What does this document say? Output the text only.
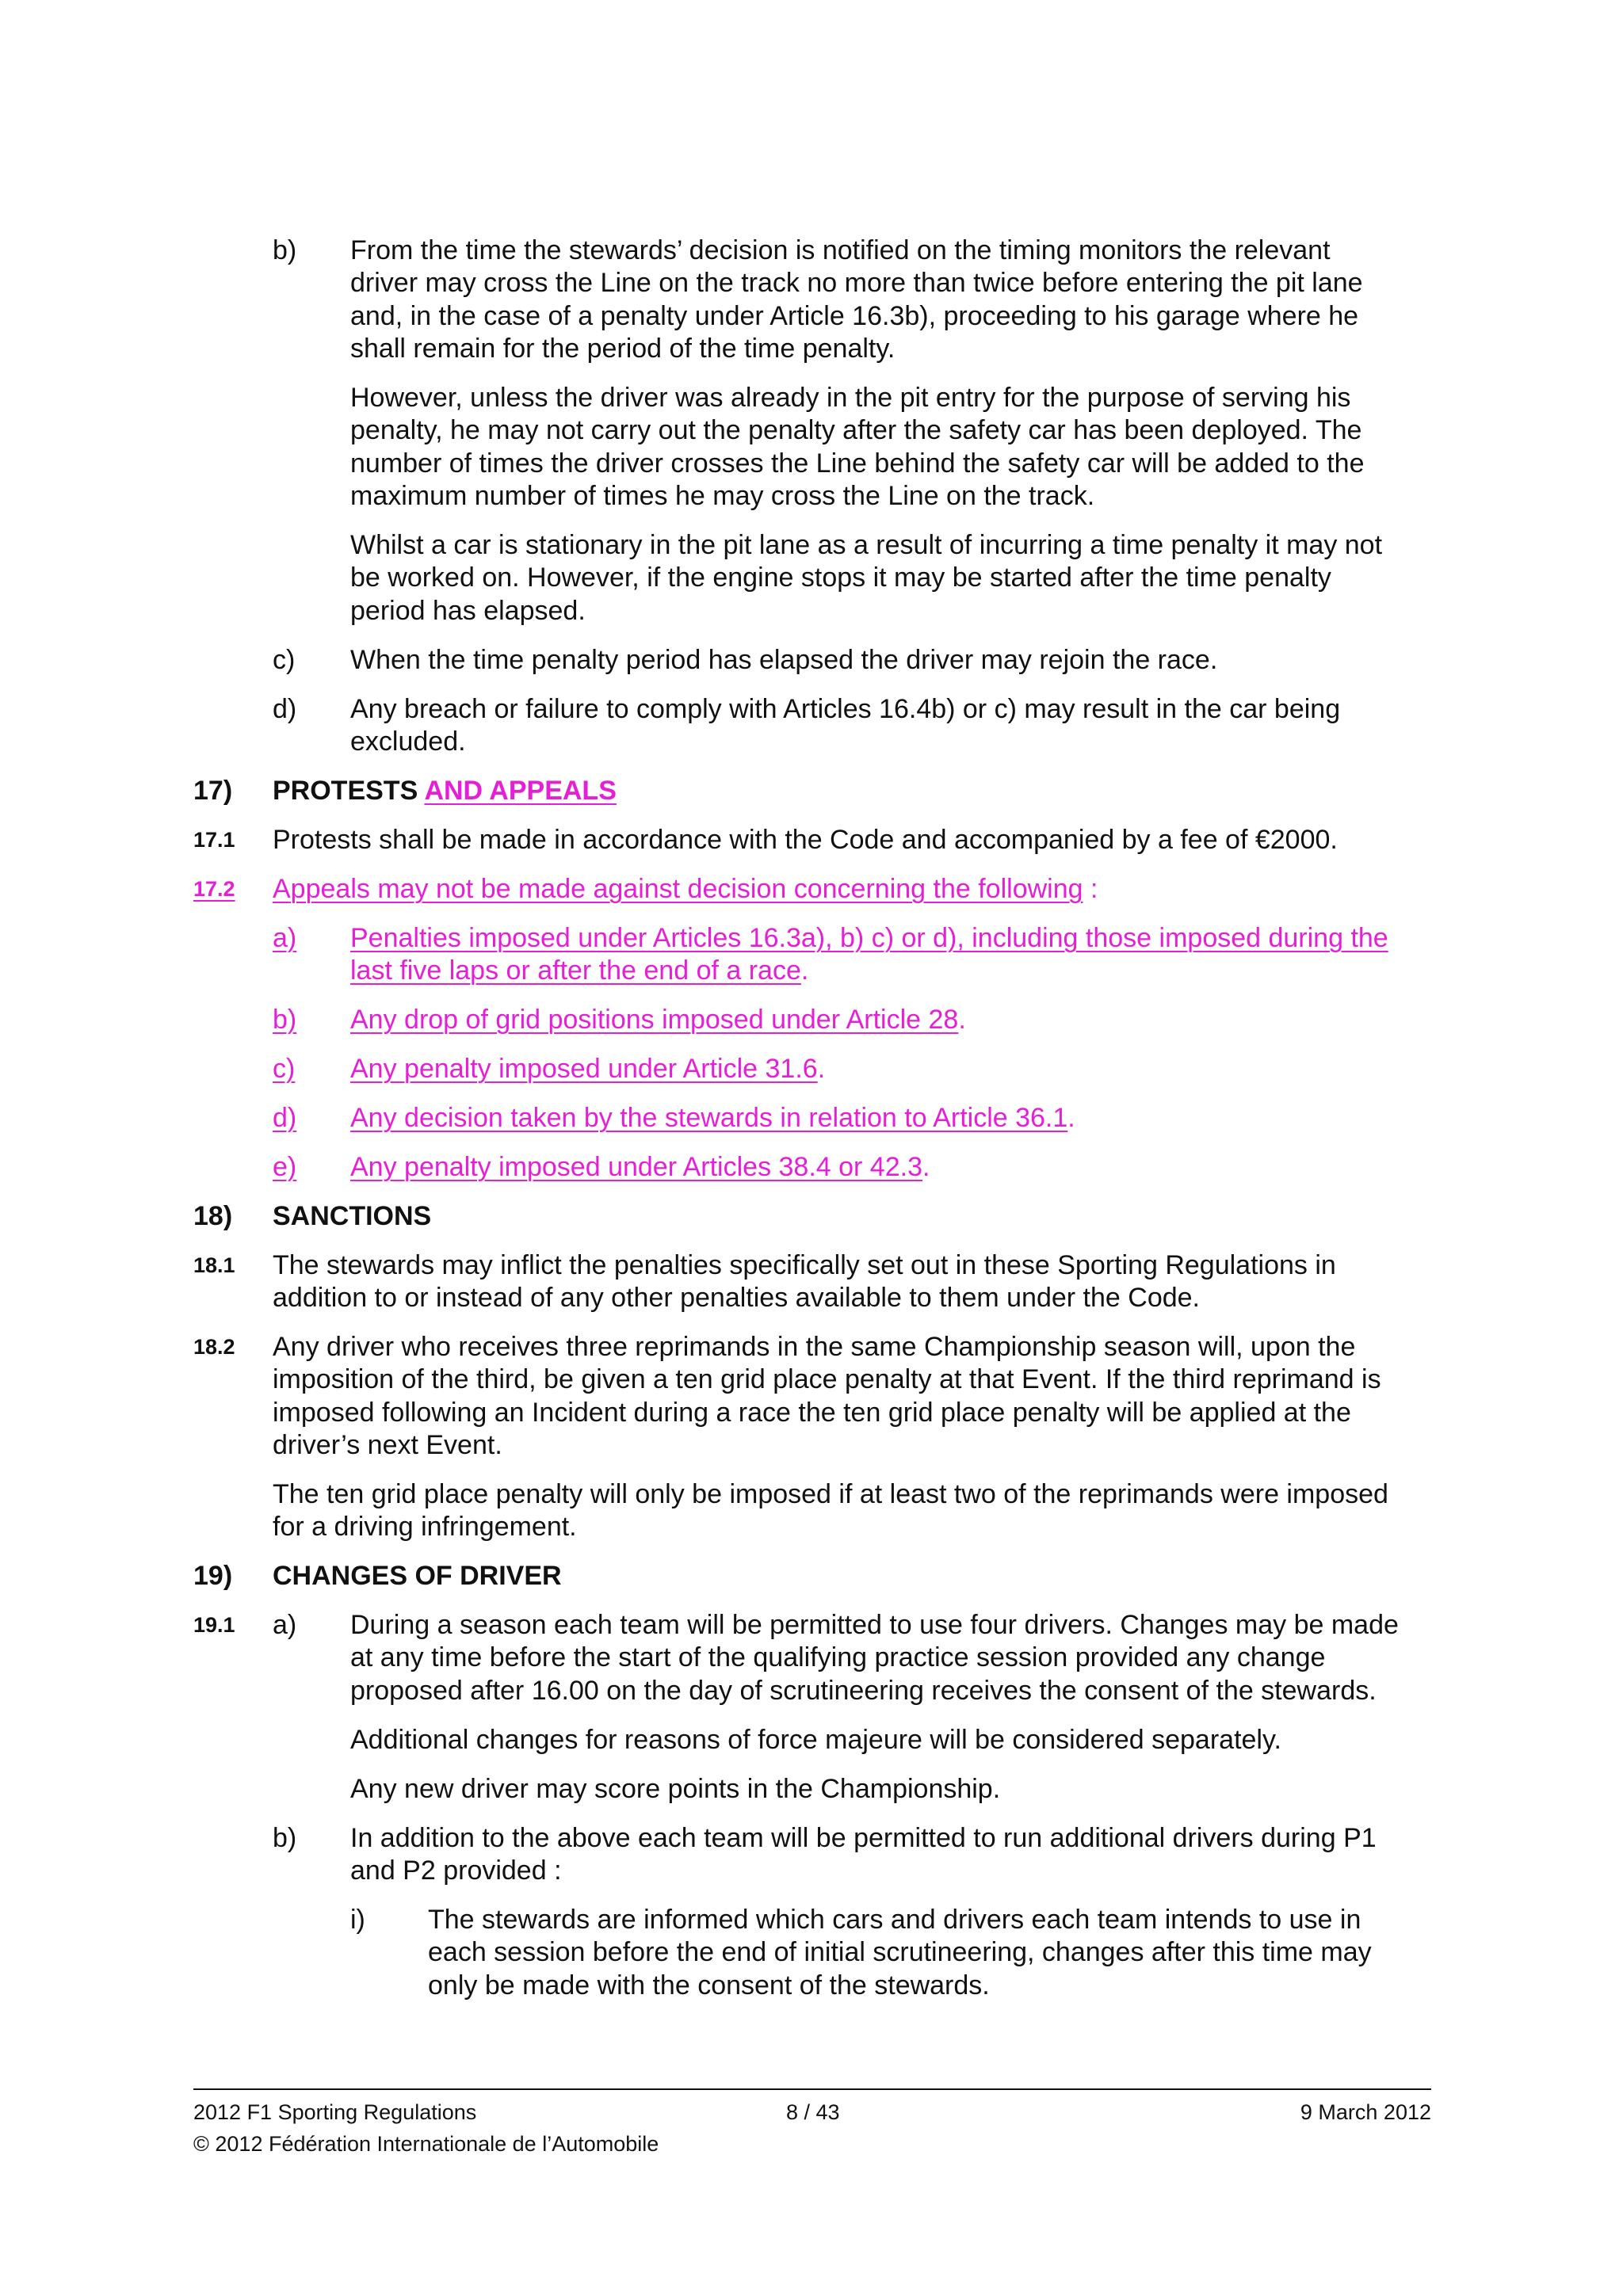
b) From the time the stewards’ decision is notified on the timing monitors the relevant
driver may cross the Line on the track no more than twice before entering the pit lane
and, in the case of a penalty under Article 16.3b), proceeding to his garage where he
shall remain for the period of the time penalty.
However, unless the driver was already in the pit entry for the purpose of serving his
penalty, he may not carry out the penalty after the safety car has been deployed. The
number of times the driver crosses the Line behind the safety car will be added to the
maximum number of times he may cross the Line on the track.
Whilst a car is stationary in the pit lane as a result of incurring a time penalty it may not
be worked on. However, if the engine stops it may be started after the time penalty
period has elapsed.
c) When the time penalty period has elapsed the driver may rejoin the race.
d) Any breach or failure to comply with Articles 16.4b) or c) may result in the car being
excluded.
17) PROTESTS AND APPEALS
17.1 Protests shall be made in accordance with the Code and accompanied by a fee of €2000.
17.2 Appeals may not be made against decision concerning the following :
a) Penalties imposed under Articles 16.3a), b) c) or d), including those imposed during the
last five laps or after the end of a race.
b) Any drop of grid positions imposed under Article 28.
c) Any penalty imposed under Article 31.6.
d) Any decision taken by the stewards in relation to Article 36.1.
e) Any penalty imposed under Articles 38.4 or 42.3.
18) SANCTIONS
18.1 The stewards may inflict the penalties specifically set out in these Sporting Regulations in
addition to or instead of any other penalties available to them under the Code.
18.2 Any driver who receives three reprimands in the same Championship season will, upon the
imposition of the third, be given a ten grid place penalty at that Event. If the third reprimand is
imposed following an Incident during a race the ten grid place penalty will be applied at the
driver’s next Event.
The ten grid place penalty will only be imposed if at least two of the reprimands were imposed
for a driving infringement.
19) CHANGES OF DRIVER
19.1 a) During a season each team will be permitted to use four drivers. Changes may be made
at any time before the start of the qualifying practice session provided any change
proposed after 16.00 on the day of scrutineering receives the consent of the stewards.
Additional changes for reasons of force majeure will be considered separately.
Any new driver may score points in the Championship.
b) In addition to the above each team will be permitted to run additional drivers during P1
and P2 provided :
i) The stewards are informed which cars and drivers each team intends to use in
each session before the end of initial scrutineering, changes after this time may
only be made with the consent of the stewards.
2012 F1 Sporting Regulations	8 / 43	9 March 2012
© 2012 Fédération Internationale de l’Automobile
